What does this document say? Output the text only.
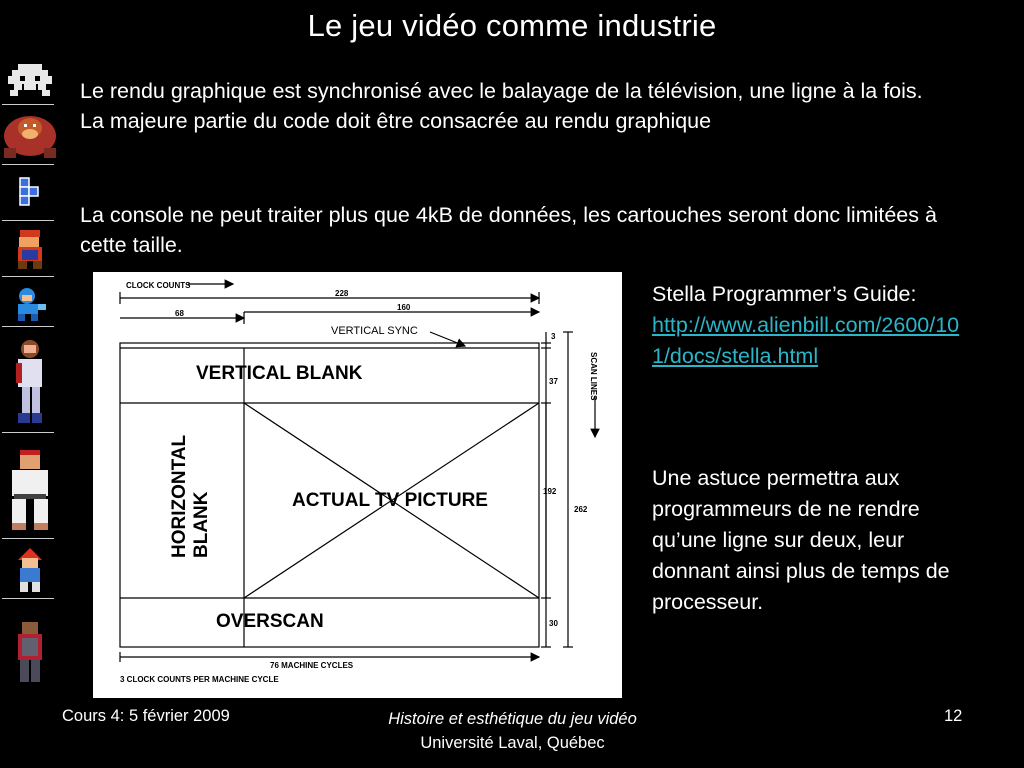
Le jeu vidéo comme industrie
Le rendu graphique est synchronisé avec le balayage de la télévision, une ligne à la fois. La majeure partie du code doit être consacrée au rendu graphique
La console ne peut traiter plus que 4kB de données, les cartouches seront donc limitées à cette taille.
CLOCK COUNTS
228
68
160
VERTICAL SYNC
VERTICAL BLANK
HORIZONTAL BLANK	ACTUAL TV PICTURE
OVERSCAN
SCAN LINES
3
37
192
262
30
76 MACHINE CYCLES
3 CLOCK COUNTS PER MACHINE CYCLE
Stella Programmer’s Guide:
http://www.alienbill.com/2600/101/docs/stella.html
Une astuce permettra aux programmeurs de ne rendre qu’une ligne sur deux, leur donnant ainsi plus de temps de processeur.
Cours 4: 5 février 2009	Histoire et esthétique du jeu vidéo
Université Laval, Québec
12
